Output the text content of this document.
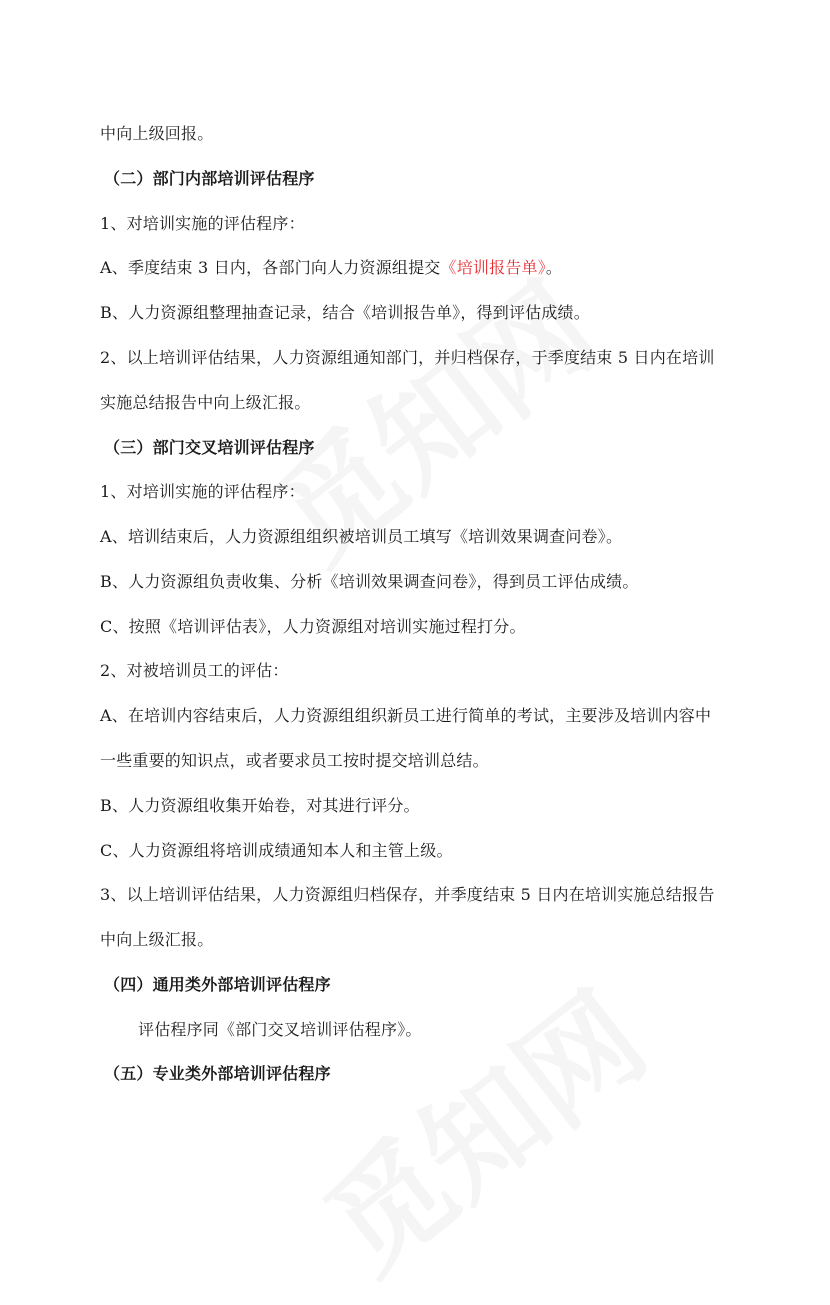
中向上级回报。
（二）部门内部培训评估程序
1、对培训实施的评估程序：
A、季度结束 3 日内，各部门向人力资源组提交《培训报告单》。
B、人力资源组整理抽查记录，结合《培训报告单》，得到评估成绩。
2、以上培训评估结果，人力资源组通知部门，并归档保存，于季度结束 5 日内在培训
实施总结报告中向上级汇报。
（三）部门交叉培训评估程序
1、对培训实施的评估程序：
A、培训结束后，人力资源组组织被培训员工填写《培训效果调查问卷》。
B、人力资源组负责收集、分析《培训效果调查问卷》，得到员工评估成绩。
C、按照《培训评估表》，人力资源组对培训实施过程打分。
2、对被培训员工的评估：
A、在培训内容结束后，人力资源组组织新员工进行简单的考试，主要涉及培训内容中
一些重要的知识点，或者要求员工按时提交培训总结。
B、人力资源组收集开始卷，对其进行评分。
C、人力资源组将培训成绩通知本人和主管上级。
3、以上培训评估结果，人力资源组归档保存，并季度结束 5 日内在培训实施总结报告
中向上级汇报。
（四）通用类外部培训评估程序
评估程序同《部门交叉培训评估程序》。
（五）专业类外部培训评估程序
